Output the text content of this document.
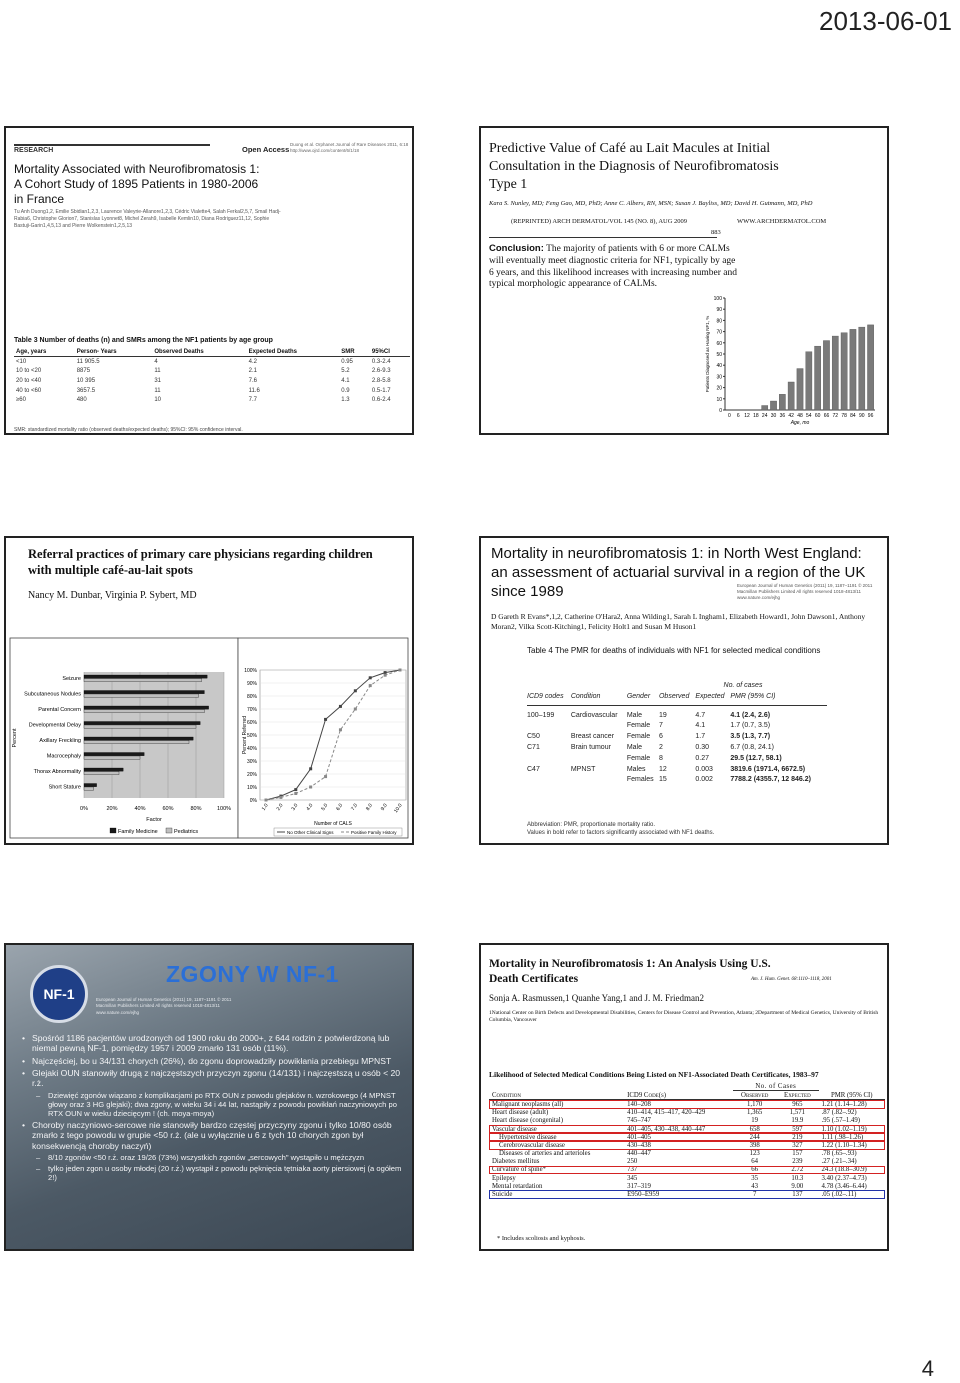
2013-06-01
RESEARCH	Open Access
Duong et al. Orphanet Journal of Rare Diseases 2011, 6:18 http://www.ojrd.com/content/6/1/18
Mortality Associated with Neurofibromatosis 1: A Cohort Study of 1895 Patients in 1980-2006 in France
Tu Anh Duong1,2, Emilie Sbidian1,2,3, Laurence Valeyrie-Allanore1,2,3, Cédric Vialette4, Salah Ferkal2,5,7, Smail Hadj-Rabia6, Christophe Glorion7, Stanislas Lyonnet8, Michel Zerah9, Isabelle Kemlin10, Diana Rodriguez11,12, Sophie Bastuji-Garin1,4,5,13 and Pierre Wolkenstein1,2,5,13
Table 3 Number of deaths (n) and SMRs among the NF1 patients by age group
Age, years	Person- Years	Observed Deaths	Expected Deaths	SMR	95%CI
<10	11 905.5	4	4.2	0.95	0.3-2.4
10 to <20	8875	11	2.1	5.2	2.6-9.3
20 to <40	10 395	31	7.6	4.1	2.8-5.8
40 to <60	3657.5	11	11.6	0.9	0.5-1.7
≥60	480	10	7.7	1.3	0.6-2.4
SMR: standardized mortality ratio (observed deaths/expected deaths); 95%CI: 95% confidence interval.
Predictive Value of Café au Lait Macules at Initial Consultation in the Diagnosis of Neurofibromatosis Type 1
Kara S. Nunley, MD; Feng Gao, MD, PhD; Anne C. Albers, RN, MSN; Susan J. Bayliss, MD; David H. Gutmann, MD, PhD
(REPRINTED) ARCH DERMATOL/VOL 145 (NO. 8), AUG 2009	WWW.ARCHDERMATOL.COM
883
Conclusion: The majority of patients with 6 or more CALMs will eventually meet diagnostic criteria for NF1, typically by age 6 years, and this likelihood increases with increasing number and typical morphologic appearance of CALMs.
0
10
20
30
40
50
60
70
80
90
100
0 6 12 18 24 30 36 42 48 54 60 66 72 78 84 90 96
Age, mo
Patients Diagnosed as Having NF1, %
Referral practices of primary care physicians regarding children with multiple café-au-lait spots
Nancy M. Dunbar, Virginia P. Sybert, MD
0%	20%	40%	60%	80%	100%
Seizure
Subcutaneous Nodules
Parental Concern
Developmental Delay
Axillary Freckling
Macrocephaly
Thorax Abnormality
Short Stature
Factor
Percent
Family Medicine	Pediatrics
0%
10%
20%
30%
40%
50%
60%
70%
80%
90%
100%
1.0 2.0 3.0 4.0 5.0 6.0 7.0 8.0 9.0 10.0
Number of CALS
Percent Referred
No Other Clinical Signs	Positive Family History
Mortality in neurofibromatosis 1: in North West England: an assessment of actuarial survival in a region of the UK since 1989	European Journal of Human Genetics (2011) 19, 1187–1191 © 2011 Macmillan Publishers Limited All rights reserved 1018-4813/11 www.nature.com/ejhg
D Gareth R Evans*,1,2, Catherine O'Hara2, Anna Wilding1, Sarah L Ingham1, Elizabeth Howard1, John Dawson1, Anthony Moran2, Vilka Scott-Kitching1, Felicity Holt1 and Susan M Huson1
Table 4 The PMR for deaths of individuals with NF1 for selected medical conditions
			No. of cases		
ICD9 codes	Condition	Gender	Observed	Expected	PMR (95% CI)
100–199	Cardiovascular	Male	19	4.7	4.1 (2.4, 2.6)
		Female	7	4.1	1.7 (0.7, 3.5)
C50	Breast cancer	Female	6	1.7	3.5 (1.3, 7.7)
C71	Brain tumour	Male	2	0.30	6.7 (0.8, 24.1)
		Female	8	0.27	29.5 (12.7, 58.1)
C47	MPNST	Males	12	0.003	3819.6 (1971.4, 6672.5)
		Females	15	0.002	7788.2 (4355.7, 12 846.2)
Abbreviation: PMR, proportionate mortality ratio.
Values in bold refer to factors significantly associated with NF1 deaths.
NF-1
ZGONY W NF-1
European Journal of Human Genetics (2011) 19, 1187–1191 © 2011 Macmillan Publishers Limited All rights reserved 1018-4813/11 www.nature.com/ejhg
• Spośród 1186 pacjentów urodzonych od 1900 roku do 2000+, z 644 rodzin z potwierdzoną lub niemal pewną NF-1, pomiędzy 1957 i 2009 zmarło 131 osób (11%).
• Najczęściej, bo u 34/131 chorych (26%), do zgonu doprowadziły powikłania przebiegu MPNST
• Glejaki OUN stanowiły drugą z najczęstszych przyczyn zgonu (14/131) i najczęstszą u osób < 20 r.ż.
– Dziewięć zgonów wiązano z komplikacjami po RTX OUN z powodu glejaków n. wzrokowego (4 MPNST głowy oraz 3 HG glejaki); dwa zgony, w wieku 34 i 44 lat, nastąpiły z powodu powikłań naczyniowych po RTX OUN w wieku dziecięcym ! (ch. moya-moya)
• Choroby naczyniowo-sercowe nie stanowiły bardzo częstej przyczyny zgonu i tylko 10/80 osób zmarło z tego powodu w grupie <50 r.ż. (ale u wyłącznie u 6 z tych 10 chorych zgon był konsekwencją choroby naczyń)
– 8/10 zgonów <50 r.ż. oraz 19/26 (73%) wszystkich zgonów „sercowych" wystąpiło u mężczyzn
– tylko jeden zgon u osoby młodej (20 r.ż.) wystąpił z powodu pęknięcia tętniaka aorty piersiowej (a ogółem 2!)
Mortality in Neurofibromatosis 1: An Analysis Using U.S. Death Certificates	Am. J. Hum. Genet. 68:1110–1118, 2001
Sonja A. Rasmussen,1 Quanhe Yang,1 and J. M. Friedman2
1National Center on Birth Defects and Developmental Disabilities, Centers for Disease Control and Prevention, Atlanta; 2Department of Medical Genetics, University of British Columbia, Vancouver
Likelihood of Selected Medical Conditions Being Listed on NF1-Associated Death Certificates, 1983–97
		No. of Cases		
Condition	ICD9 Code(s)	Observed	Expected	PMR (95% CI)
Malignant neoplasms (all)	140–208	1,170	965	1.21 (1.14–1.28)
Heart disease (adult)	410–414, 415–417, 420–429	1,365	1,571	.87 (.82–.92)
Heart disease (congenital)	745–747	19	19.9	.95 (.57–1.49)
Vascular disease	401–405, 430–438, 440–447	658	597	1.10 (1.02–1.19)
Hypertensive disease	401–405	244	219	1.11 (.98–1.26)
Cerebrovascular disease	430–438	398	327	1.22 (1.10–1.34)
Diseases of arteries and arterioles	440–447	123	157	.78 (.65–.93)
Diabetes mellitus	250	64	239	.27 (.21–.34)
Curvature of spine*	737	66	2.72	24.3 (18.8–30.9)
Epilepsy	345	35	10.3	3.40 (2.37–4.73)
Mental retardation	317–319	43	9.00	4.78 (3.46–6.44)
Suicide	E950–E959	7	137	.05 (.02–.11)
* Includes scoliosis and kyphosis.
4
